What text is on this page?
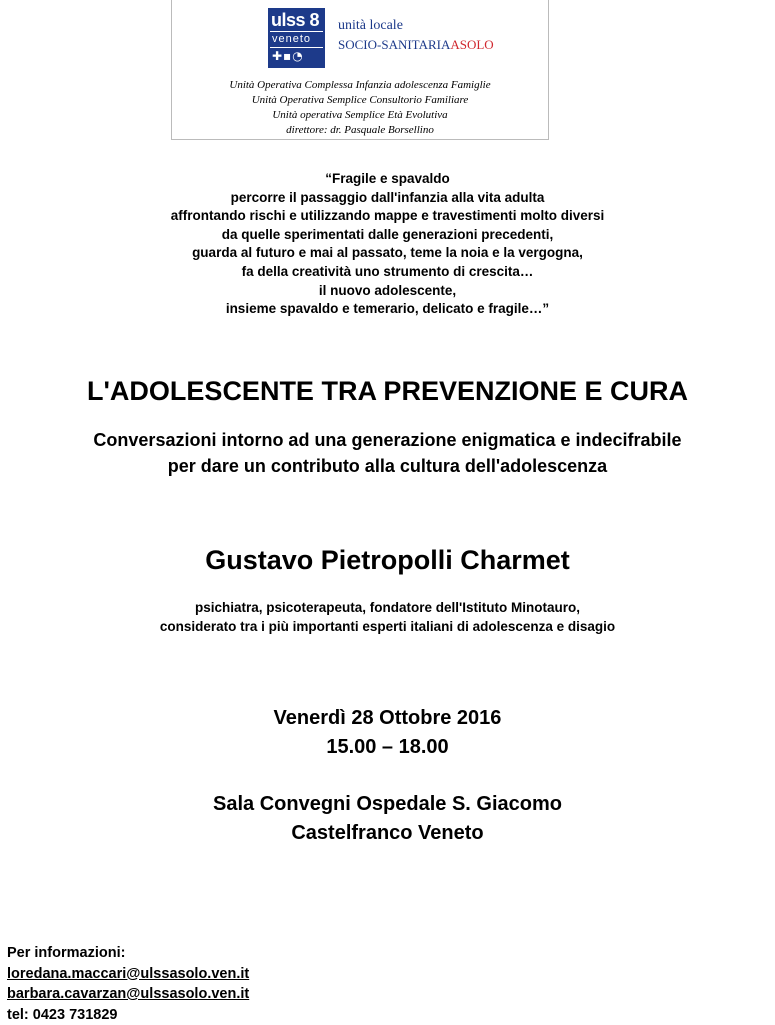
ulss 8
veneto
✚▪◔
unità locale
SOCIO-SANITARIAASOLO
Unità Operativa Complessa Infanzia adolescenza Famiglie
Unità Operativa Semplice Consultorio Familiare
Unità operativa Semplice Età Evolutiva
direttore: dr. Pasquale Borsellino
“Fragile e spavaldo
percorre il passaggio dall'infanzia alla vita adulta
affrontando rischi e utilizzando mappe e travestimenti molto diversi
da quelle sperimentati dalle generazioni precedenti,
guarda al futuro e mai al passato, teme la noia e la vergogna,
fa della creatività uno strumento di crescita…
il nuovo adolescente,
insieme spavaldo e temerario, delicato e fragile…”
L'ADOLESCENTE TRA PREVENZIONE E CURA
Conversazioni intorno ad una generazione enigmatica e indecifrabile
per dare un contributo alla cultura dell'adolescenza
Gustavo Pietropolli Charmet
psichiatra, psicoterapeuta, fondatore dell'Istituto Minotauro,
considerato tra i più importanti esperti italiani di adolescenza e disagio
Venerdì 28 Ottobre 2016
15.00 – 18.00
Sala Convegni Ospedale S. Giacomo
Castelfranco Veneto
Per informazioni:
loredana.maccari@ulssasolo.ven.it
barbara.cavarzan@ulssasolo.ven.it
tel: 0423 731829
